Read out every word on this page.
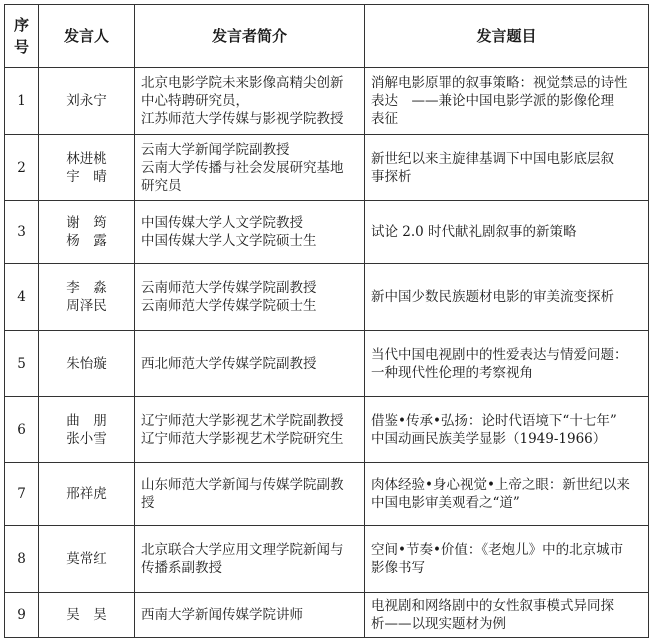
序
号	发言人	发言者简介	发言题目
1	刘永宁	北京电影学院未来影像高精尖创新
中心特聘研究员，
江苏师范大学传媒与影视学院教授	消解电影原罪的叙事策略：视觉禁忌的诗性
表达　——兼论中国电影学派的影像伦理
表征

2	林进桃
宇　晴	云南大学新闻学院副教授
云南大学传播与社会发展研究基地
研究员	新世纪以来主旋律基调下中国电影底层叙
事探析

3	谢　筠
杨　露	中国传媒大学人文学院教授
中国传媒大学人文学院硕士生	试论 2.0 时代献礼剧叙事的新策略

4	李　淼
周泽民	云南师范大学传媒学院副教授
云南师范大学传媒学院硕士生	新中国少数民族题材电影的审美流变探析

5	朱怡璇	西北师范大学传媒学院副教授	当代中国电视剧中的性爱表达与情爱问题：
一种现代性伦理的考察视角

6	曲　朋
张小雪	辽宁师范大学影视艺术学院副教授
辽宁师范大学影视艺术学院研究生	借鉴•传承•弘扬：论时代语境下“十七年”
中国动画民族美学显影（1949-1966）

7	邢祥虎	山东师范大学新闻与传媒学院副教
授	肉体经验•身心视觉•上帝之眼：新世纪以来
中国电影审美观看之“道”

8	莫常红	北京联合大学应用文理学院新闻与
传播系副教授	空间•节奏•价值：《老炮儿》中的北京城市
影像书写

9	吴　昊	西南大学新闻传媒学院讲师	电视剧和网络剧中的女性叙事模式异同探
析——以现实题材为例
